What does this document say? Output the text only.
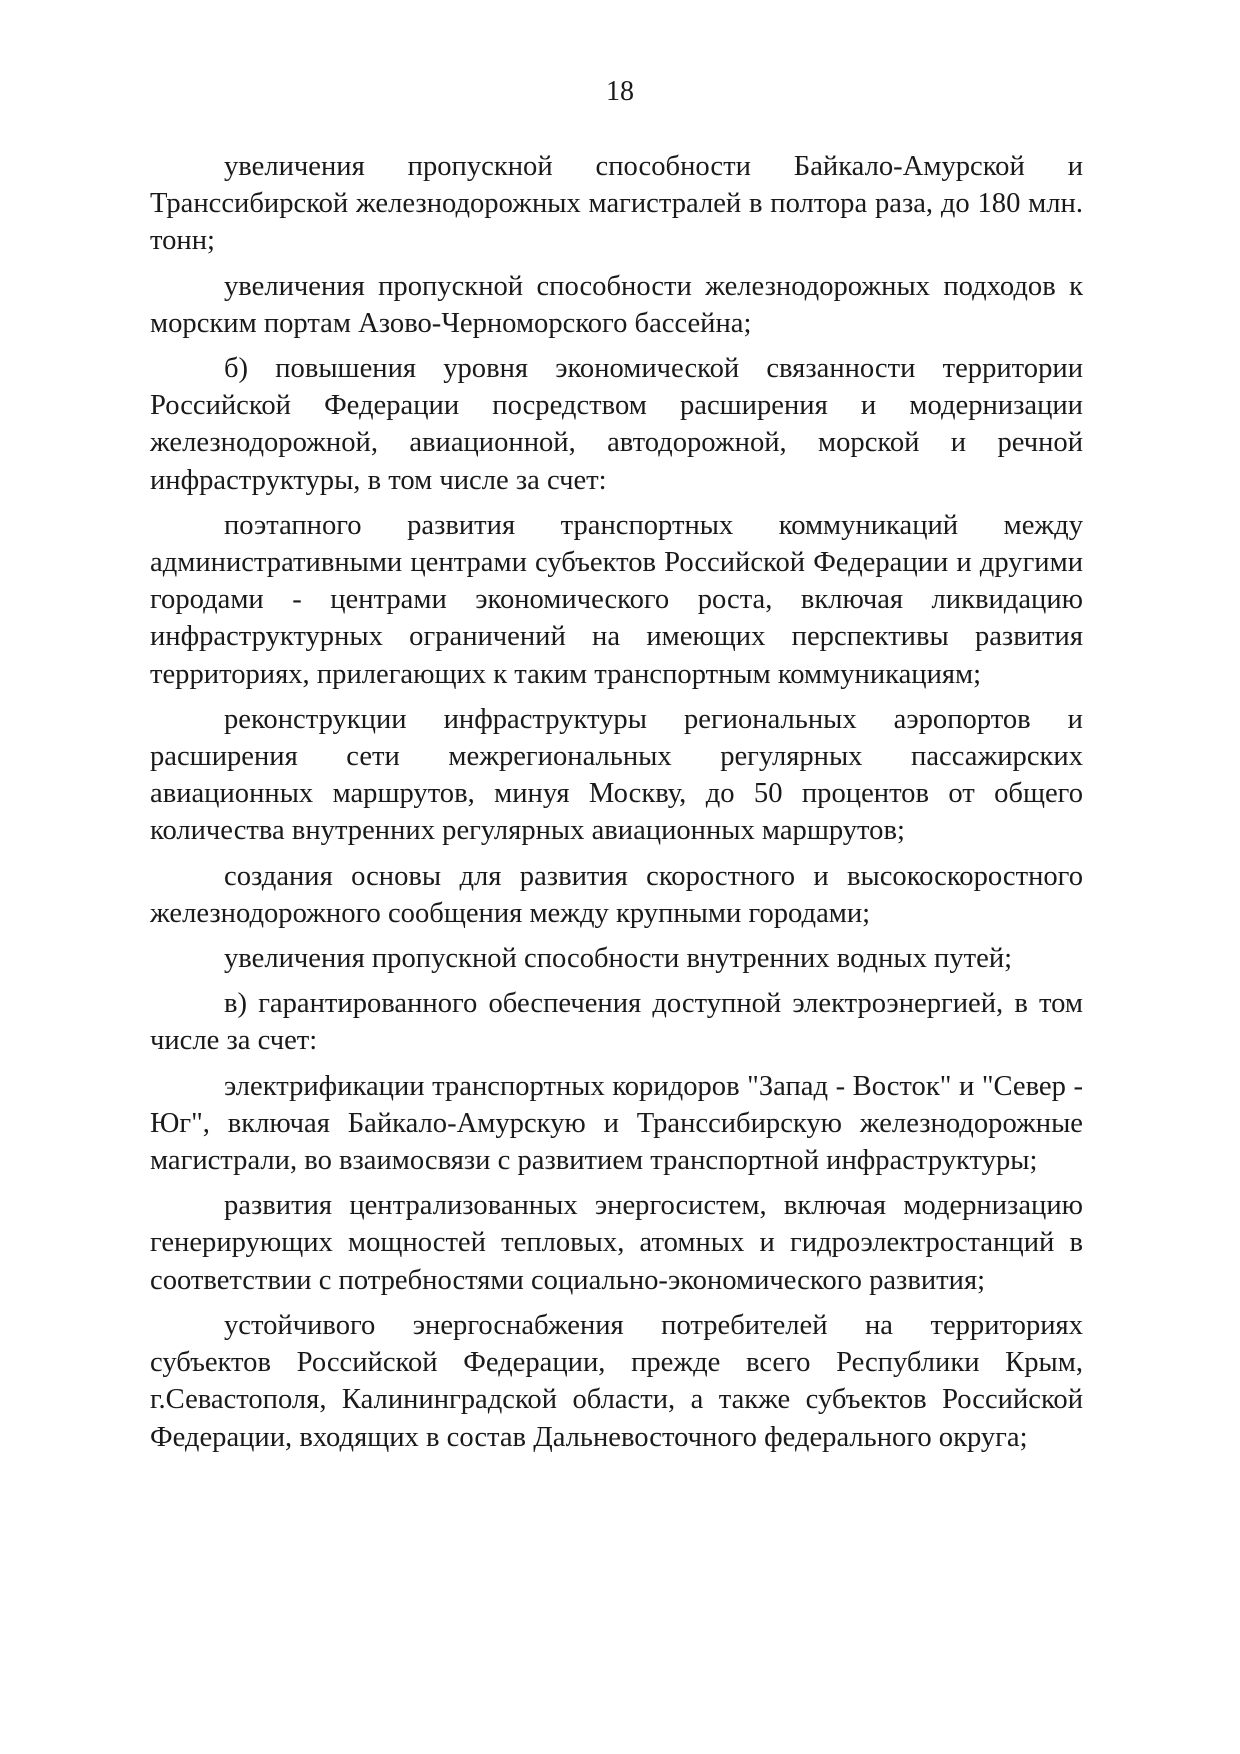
18

увеличения пропускной способности Байкало-Амурской и Транссибирской железнодорожных магистралей в полтора раза, до 180 млн. тонн;

увеличения пропускной способности железнодорожных подходов к морским портам Азово-Черноморского бассейна;

б) повышения уровня экономической связанности территории Российской Федерации посредством расширения и модернизации железнодорожной, авиационной, автодорожной, морской и речной инфраструктуры, в том числе за счет:

поэтапного развития транспортных коммуникаций между административными центрами субъектов Российской Федерации и другими городами - центрами экономического роста, включая ликвидацию инфраструктурных ограничений на имеющих перспективы развития территориях, прилегающих к таким транспортным коммуникациям;

реконструкции инфраструктуры региональных аэропортов и расширения сети межрегиональных регулярных пассажирских авиационных маршрутов, минуя Москву, до 50 процентов от общего количества внутренних регулярных авиационных маршрутов;

создания основы для развития скоростного и высокоскоростного железнодорожного сообщения между крупными городами;

увеличения пропускной способности внутренних водных путей;

в) гарантированного обеспечения доступной электроэнергией, в том числе за счет:

электрификации транспортных коридоров "Запад - Восток" и "Север - Юг", включая Байкало-Амурскую и Транссибирскую железнодорожные магистрали, во взаимосвязи с развитием транспортной инфраструктуры;

развития централизованных энергосистем, включая модернизацию генерирующих мощностей тепловых, атомных и гидроэлектростанций в соответствии с потребностями социально-экономического развития;

устойчивого энергоснабжения потребителей на территориях субъектов Российской Федерации, прежде всего Республики Крым, г.Севастополя, Калининградской области, а также субъектов Российской Федерации, входящих в состав Дальневосточного федерального округа;
